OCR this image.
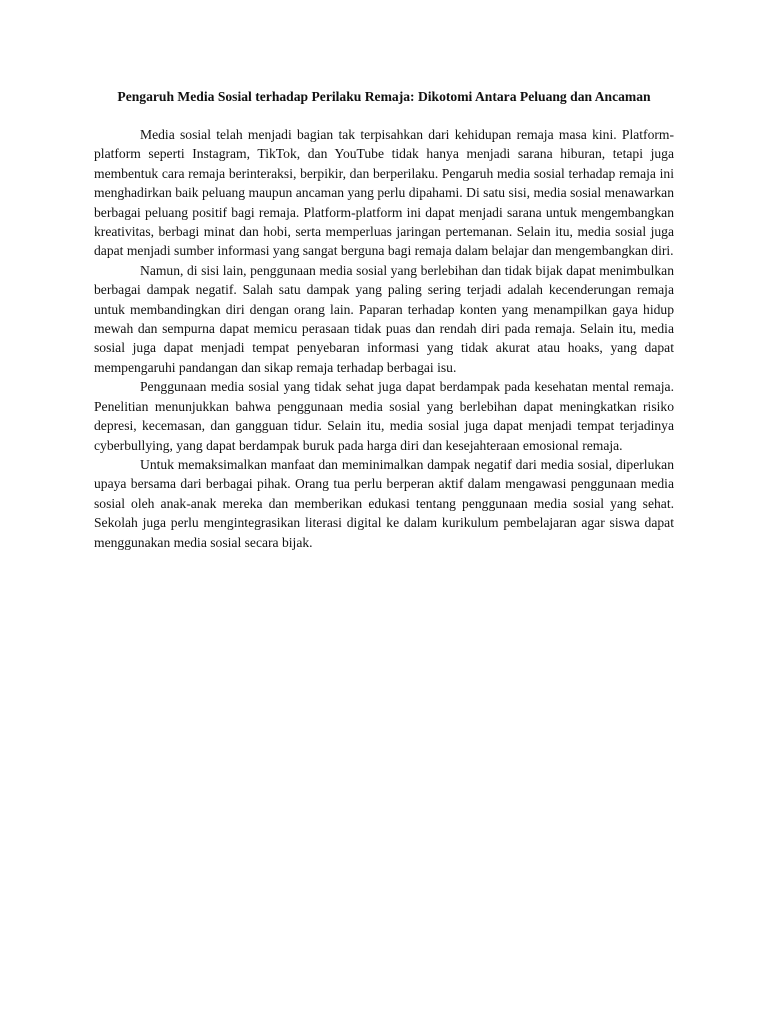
Pengaruh Media Sosial terhadap Perilaku Remaja: Dikotomi Antara Peluang dan Ancaman

Media sosial telah menjadi bagian tak terpisahkan dari kehidupan remaja masa kini. Platform-platform seperti Instagram, TikTok, dan YouTube tidak hanya menjadi sarana hiburan, tetapi juga membentuk cara remaja berinteraksi, berpikir, dan berperilaku. Pengaruh media sosial terhadap remaja ini menghadirkan baik peluang maupun ancaman yang perlu dipahami. Di satu sisi, media sosial menawarkan berbagai peluang positif bagi remaja. Platform-platform ini dapat menjadi sarana untuk mengembangkan kreativitas, berbagi minat dan hobi, serta memperluas jaringan pertemanan. Selain itu, media sosial juga dapat menjadi sumber informasi yang sangat berguna bagi remaja dalam belajar dan mengembangkan diri.

Namun, di sisi lain, penggunaan media sosial yang berlebihan dan tidak bijak dapat menimbulkan berbagai dampak negatif. Salah satu dampak yang paling sering terjadi adalah kecenderungan remaja untuk membandingkan diri dengan orang lain. Paparan terhadap konten yang menampilkan gaya hidup mewah dan sempurna dapat memicu perasaan tidak puas dan rendah diri pada remaja. Selain itu, media sosial juga dapat menjadi tempat penyebaran informasi yang tidak akurat atau hoaks, yang dapat mempengaruhi pandangan dan sikap remaja terhadap berbagai isu.

Penggunaan media sosial yang tidak sehat juga dapat berdampak pada kesehatan mental remaja. Penelitian menunjukkan bahwa penggunaan media sosial yang berlebihan dapat meningkatkan risiko depresi, kecemasan, dan gangguan tidur. Selain itu, media sosial juga dapat menjadi tempat terjadinya cyberbullying, yang dapat berdampak buruk pada harga diri dan kesejahteraan emosional remaja.

Untuk memaksimalkan manfaat dan meminimalkan dampak negatif dari media sosial, diperlukan upaya bersama dari berbagai pihak. Orang tua perlu berperan aktif dalam mengawasi penggunaan media sosial oleh anak-anak mereka dan memberikan edukasi tentang penggunaan media sosial yang sehat. Sekolah juga perlu mengintegrasikan literasi digital ke dalam kurikulum pembelajaran agar siswa dapat menggunakan media sosial secara bijak.
